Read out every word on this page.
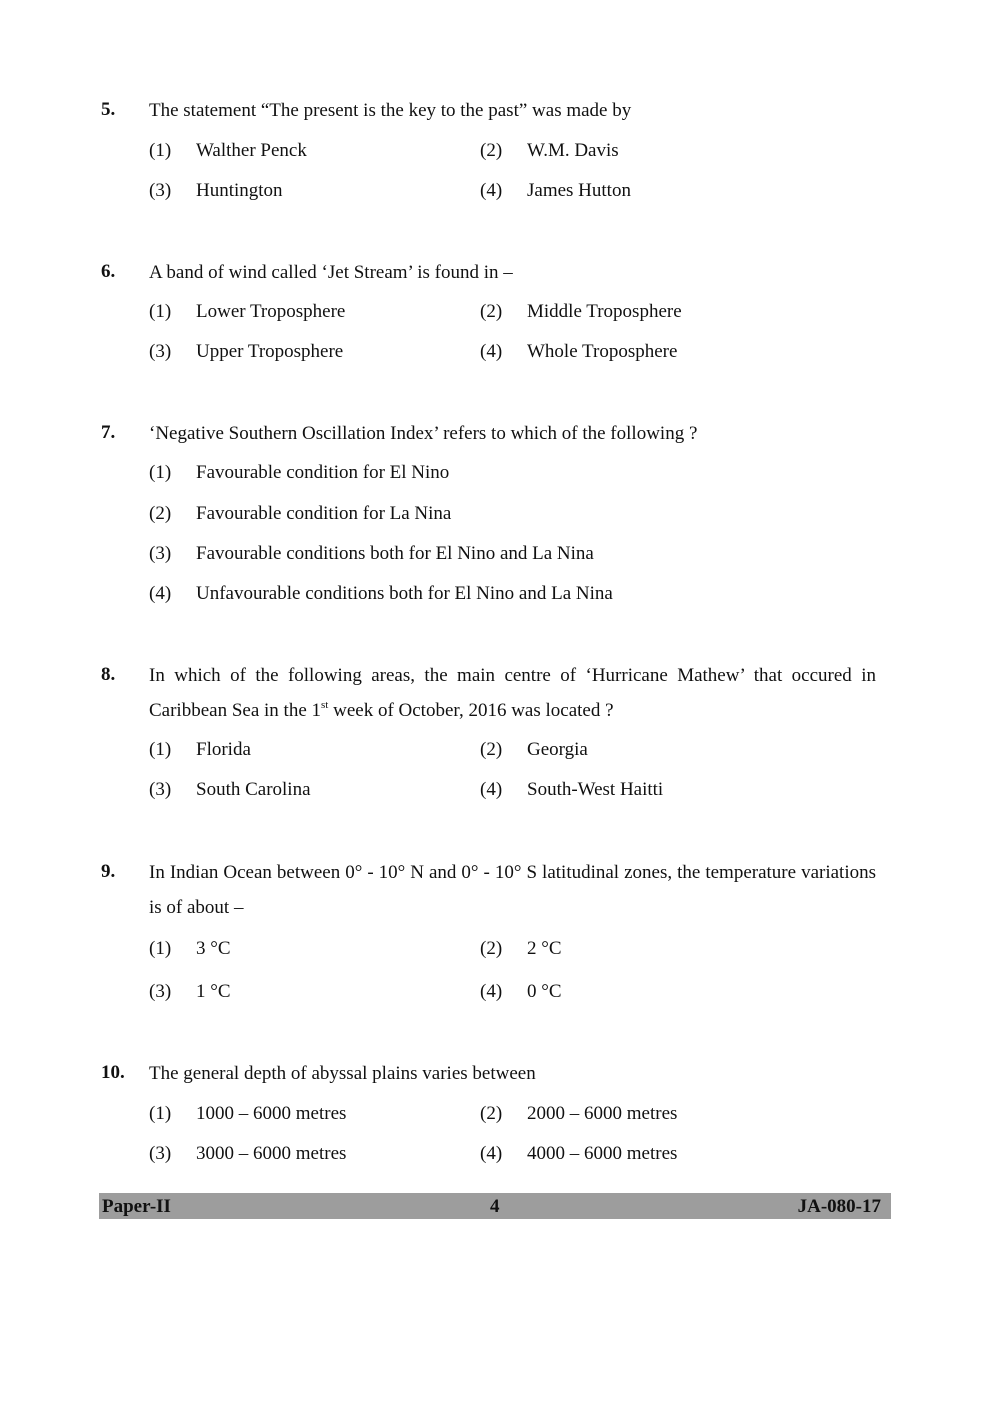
5. The statement “The present is the key to the past” was made by
(1) Walther Penck	(2) W.M. Davis
(3) Huntington	(4) James Hutton
6. A band of wind called ‘Jet Stream’ is found in –
(1) Lower Troposphere	(2) Middle Troposphere
(3) Upper Troposphere	(4) Whole Troposphere
7. ‘Negative Southern Oscillation Index’ refers to which of the following ?
(1) Favourable condition for El Nino
(2) Favourable condition for La Nina
(3) Favourable conditions both for El Nino and La Nina
(4) Unfavourable conditions both for El Nino and La Nina
8. In which of the following areas, the main centre of ‘Hurricane Mathew’ that occured in Caribbean Sea in the 1st week of October, 2016 was located ?
(1) Florida	(2) Georgia
(3) South Carolina	(4) South-West Haitti
9. In Indian Ocean between 0° - 10° N and 0° - 10° S latitudinal zones, the temperature variations is of about –
(1) 3 °C	(2) 2 °C
(3) 1 °C	(4) 0 °C
10. The general depth of abyssal plains varies between
(1) 1000 – 6000 metres	(2) 2000 – 6000 metres
(3) 3000 – 6000 metres	(4) 4000 – 6000 metres
Paper-II	4	JA-080-17
